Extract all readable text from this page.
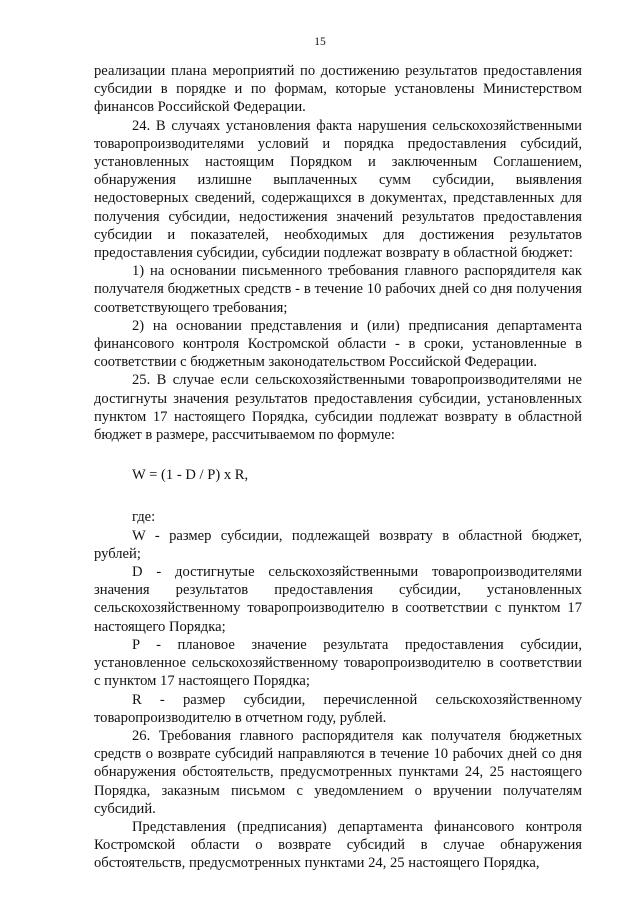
15

реализации плана мероприятий по достижению результатов предоставления субсидии в порядке и по формам, которые установлены Министерством финансов Российской Федерации.

24. В случаях установления факта нарушения сельскохозяйственными товаропроизводителями условий и порядка предоставления субсидий, установленных настоящим Порядком и заключенным Соглашением, обнаружения излишне выплаченных сумм субсидии, выявления недостоверных сведений, содержащихся в документах, представленных для получения субсидии, недостижения значений результатов предоставления субсидии и показателей, необходимых для достижения результатов предоставления субсидии, субсидии подлежат возврату в областной бюджет:

1) на основании письменного требования главного распорядителя как получателя бюджетных средств - в течение 10 рабочих дней со дня получения соответствующего требования;

2) на основании представления и (или) предписания департамента финансового контроля Костромской области - в сроки, установленные в соответствии с бюджетным законодательством Российской Федерации.

25. В случае если сельскохозяйственными товаропроизводителями не достигнуты значения результатов предоставления субсидии, установленных пунктом 17 настоящего Порядка, субсидии подлежат возврату в областной бюджет в размере, рассчитываемом по формуле:

W = (1 - D / P) x R,

где:

W - размер субсидии, подлежащей возврату в областной бюджет, рублей;

D - достигнутые сельскохозяйственными товаропроизводителями значения результатов предоставления субсидии, установленных сельскохозяйственному товаропроизводителю в соответствии с пунктом 17 настоящего Порядка;

P - плановое значение результата предоставления субсидии, установленное сельскохозяйственному товаропроизводителю в соответствии с пунктом 17 настоящего Порядка;

R - размер субсидии, перечисленной сельскохозяйственному товаропроизводителю в отчетном году, рублей.

26. Требования главного распорядителя как получателя бюджетных средств о возврате субсидий направляются в течение 10 рабочих дней со дня обнаружения обстоятельств, предусмотренных пунктами 24, 25 настоящего Порядка, заказным письмом с уведомлением о вручении получателям субсидий.

Представления (предписания) департамента финансового контроля Костромской области о возврате субсидий в случае обнаружения обстоятельств, предусмотренных пунктами 24, 25 настоящего Порядка,
